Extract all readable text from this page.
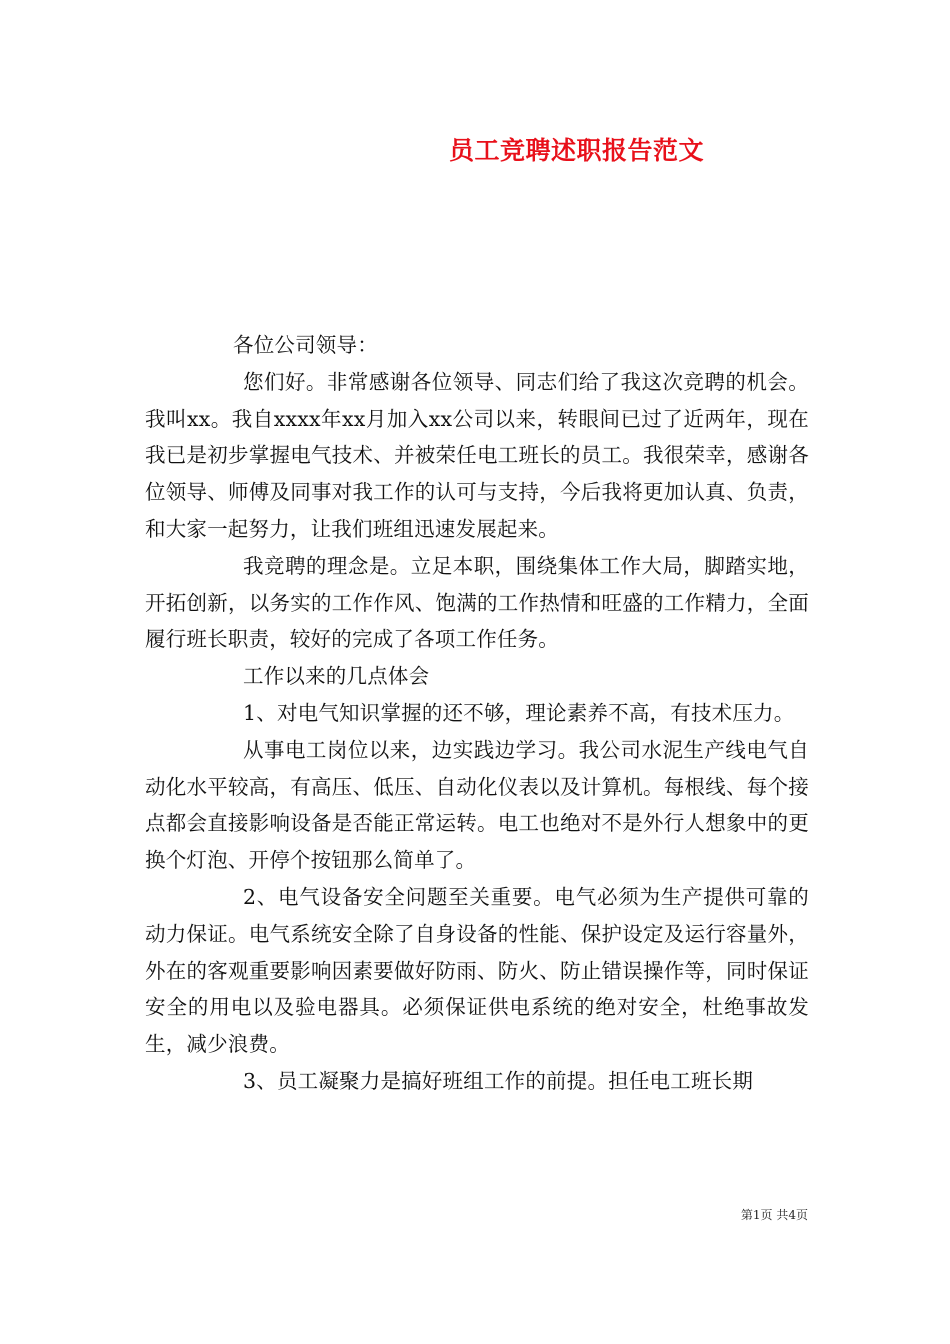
员工竞聘述职报告范文

各位公司领导：

您们好。非常感谢各位领导、同志们给了我这次竞聘的机会。我叫xx。我自xxxx年xx月加入xx公司以来，转眼间已过了近两年，现在我已是初步掌握电气技术、并被荣任电工班长的员工。我很荣幸，感谢各位领导、师傅及同事对我工作的认可与支持，今后我将更加认真、负责，和大家一起努力，让我们班组迅速发展起来。

我竞聘的理念是。立足本职，围绕集体工作大局，脚踏实地，开拓创新，以务实的工作作风、饱满的工作热情和旺盛的工作精力，全面履行班长职责，较好的完成了各项工作任务。

工作以来的几点体会

1、对电气知识掌握的还不够，理论素养不高，有技术压力。

从事电工岗位以来，边实践边学习。我公司水泥生产线电气自动化水平较高，有高压、低压、自动化仪表以及计算机。每根线、每个接点都会直接影响设备是否能正常运转。电工也绝对不是外行人想象中的更换个灯泡、开停个按钮那么简单了。

2、电气设备安全问题至关重要。电气必须为生产提供可靠的动力保证。电气系统安全除了自身设备的性能、保护设定及运行容量外，外在的客观重要影响因素要做好防雨、防火、防止错误操作等，同时保证安全的用电以及验电器具。必须保证供电系统的绝对安全，杜绝事故发生，减少浪费。

3、员工凝聚力是搞好班组工作的前提。担任电工班长期

第1页 共4页
